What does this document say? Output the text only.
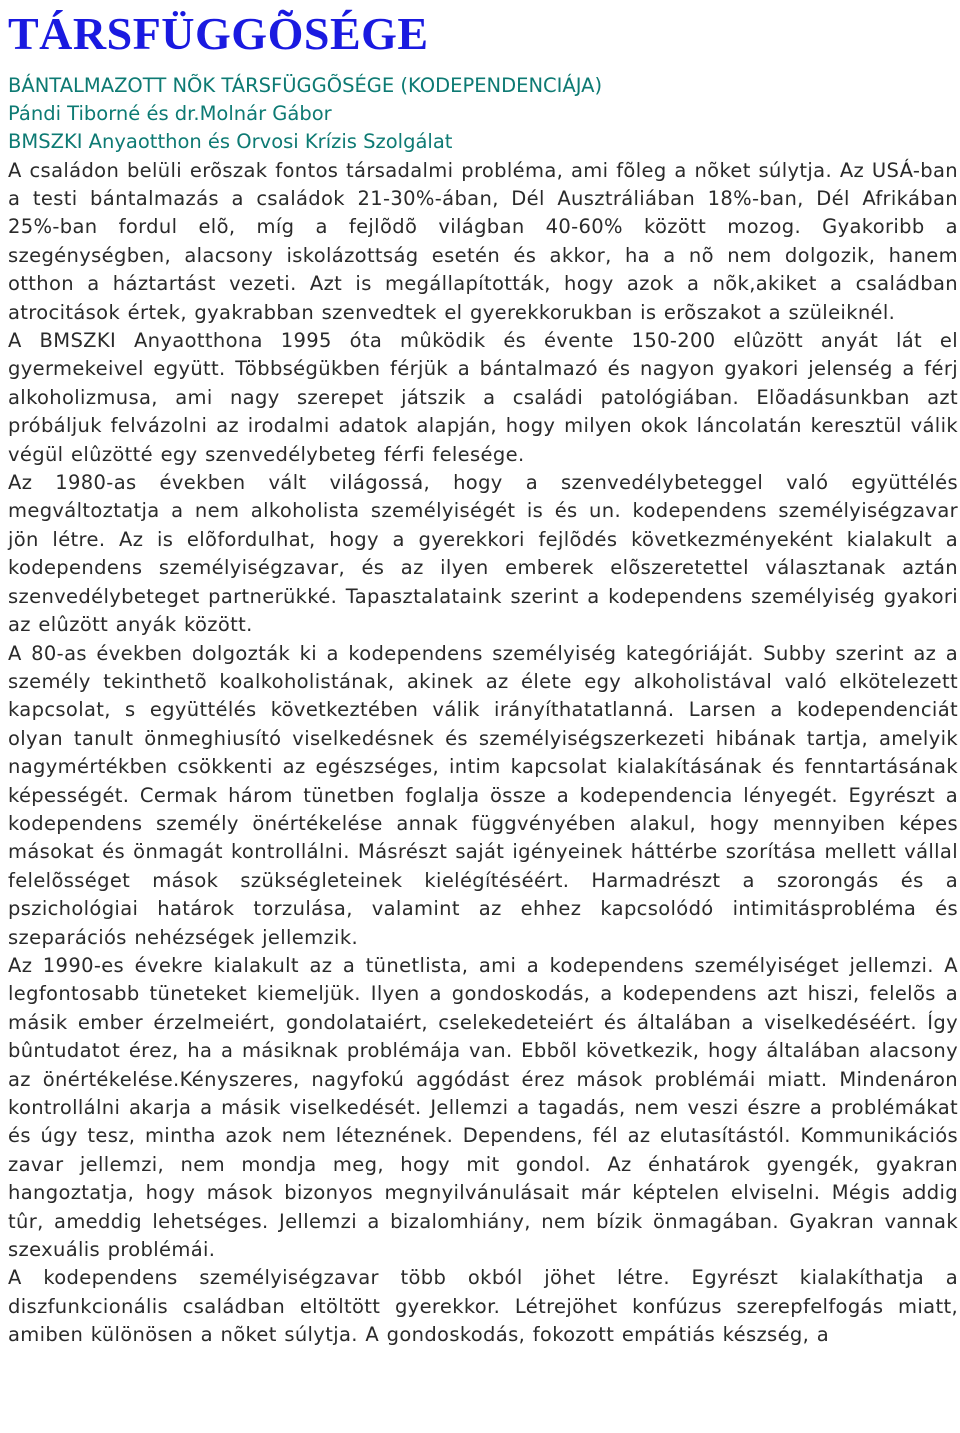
TÁRSFÜGGÕSÉGE

BÁNTALMAZOTT NÕK TÁRSFÜGGÕSÉGE (KODEPENDENCIÁJA)

Pándi Tiborné és dr.Molnár Gábor

BMSZKI Anyaotthon és Orvosi Krízis Szolgálat

A családon belüli erõszak fontos társadalmi probléma, ami fõleg a nõket súlytja. Az USÁ-ban a testi bántalmazás a családok 21-30%-ában, Dél Ausztráliában 18%-ban, Dél Afrikában 25%-ban fordul elõ, míg a fejlõdõ világban 40-60% között mozog. Gyakoribb a szegénységben, alacsony iskolázottság esetén és akkor, ha a nõ nem dolgozik, hanem otthon a háztartást vezeti. Azt is megállapították, hogy azok a nõk,akiket a családban atrocitások értek, gyakrabban szenvedtek el gyerekkorukban is erõszakot a szüleiknél.

A BMSZKI Anyaotthona 1995 óta mûködik és évente 150-200 elûzött anyát lát el gyermekeivel együtt. Többségükben férjük a bántalmazó és nagyon gyakori jelenség a férj alkoholizmusa, ami nagy szerepet játszik a családi patológiában. Elõadásunkban azt próbáljuk felvázolni az irodalmi adatok alapján, hogy milyen okok láncolatán keresztül válik végül elûzötté egy szenvedélybeteg férfi felesége.

Az 1980-as években vált világossá, hogy a szenvedélybeteggel való együttélés megváltoztatja a nem alkoholista személyiségét is és un. kodependens személyiségzavar jön létre. Az is elõfordulhat, hogy a gyerekkori fejlõdés következményeként kialakult a kodependens személyiségzavar, és az ilyen emberek elõszeretettel választanak aztán szenvedélybeteget partnerükké. Tapasztalataink szerint a kodependens személyiség gyakori az elûzött anyák között.

A 80-as években dolgozták ki a kodependens személyiség kategóriáját. Subby szerint az a személy tekinthetõ koalkoholistának, akinek az élete egy alkoholistával való elkötelezett kapcsolat, s együttélés következtében válik irányíthatatlanná. Larsen a kodependenciát olyan tanult önmeghiusító viselkedésnek és személyiségszerkezeti hibának tartja, amelyik nagymértékben csökkenti az egészséges, intim kapcsolat kialakításának és fenntartásának képességét. Cermak három tünetben foglalja össze a kodependencia lényegét. Egyrészt a kodependens személy önértékelése annak függvényében alakul, hogy mennyiben képes másokat és önmagát kontrollálni. Másrészt saját igényeinek háttérbe szorítása mellett vállal felelõsséget mások szükségleteinek kielégítéséért. Harmadrészt a szorongás és a pszichológiai határok torzulása, valamint az ehhez kapcsolódó intimitásprobléma és szeparációs nehézségek jellemzik.

Az 1990-es évekre kialakult az a tünetlista, ami a kodependens személyiséget jellemzi. A legfontosabb tüneteket kiemeljük. Ilyen a gondoskodás, a kodependens azt hiszi, felelõs a másik ember érzelmeiért, gondolataiért, cselekedeteiért és általában a viselkedéséért. Így bûntudatot érez, ha a másiknak problémája van. Ebbõl következik, hogy általában alacsony az önértékelése.Kényszeres, nagyfokú aggódást érez mások problémái miatt. Mindenáron kontrollálni akarja a másik viselkedését. Jellemzi a tagadás, nem veszi észre a problémákat és úgy tesz, mintha azok nem léteznének. Dependens, fél az elutasítástól. Kommunikációs zavar jellemzi, nem mondja meg, hogy mit gondol. Az énhatárok gyengék, gyakran hangoztatja, hogy mások bizonyos megnyilvánulásait már képtelen elviselni. Mégis addig tûr, ameddig lehetséges. Jellemzi a bizalomhiány, nem bízik önmagában. Gyakran vannak szexuális problémái.

A kodependens személyiségzavar több okból jöhet létre. Egyrészt kialakíthatja a diszfunkcionális családban eltöltött gyerekkor. Létrejöhet konfúzus szerepfelfogás miatt, amiben különösen a nõket súlytja. A gondoskodás, fokozott empátiás készség, a
